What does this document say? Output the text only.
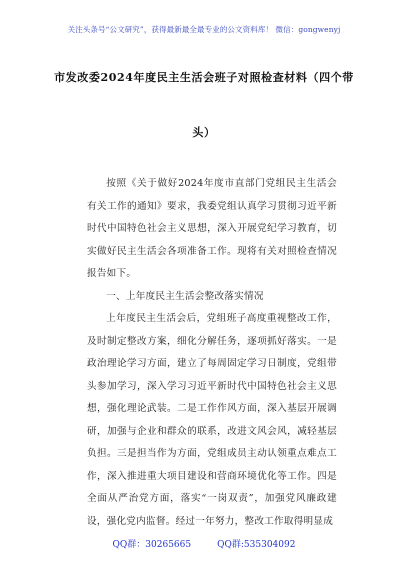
关注头条号“公文研究”，获得最新最全最专业的公文资料库！ 微信：gongwenyj
市发改委2024年度民主生活会班子对照检查材料（四个带
头）

按照《关于做好2024年度市直部门党组民主生活会有关工作的通知》要求，我委党组认真学习贯彻习近平新时代中国特色社会主义思想，深入开展党纪学习教育，切实做好民主生活会各项准备工作。现将有关对照检查情况报告如下。

一、上年度民主生活会整改落实情况

上年度民主生活会后，党组班子高度重视整改工作，及时制定整改方案，细化分解任务，逐项抓好落实。一是政治理论学习方面，建立了每周固定学习日制度，党组带头参加学习，深入学习习近平新时代中国特色社会主义思想，强化理论武装。二是工作作风方面，深入基层开展调研，加强与企业和群众的联系，改进文风会风，减轻基层负担。三是担当作为方面，党组成员主动认领重点难点工作，深入推进重大项目建设和营商环境优化等工作。四是全面从严治党方面，落实“一岗双责”，加强党风廉政建设，强化党内监督。经过一年努力，整改工作取得明显成

QQ群：30265665	QQ群:535304092
